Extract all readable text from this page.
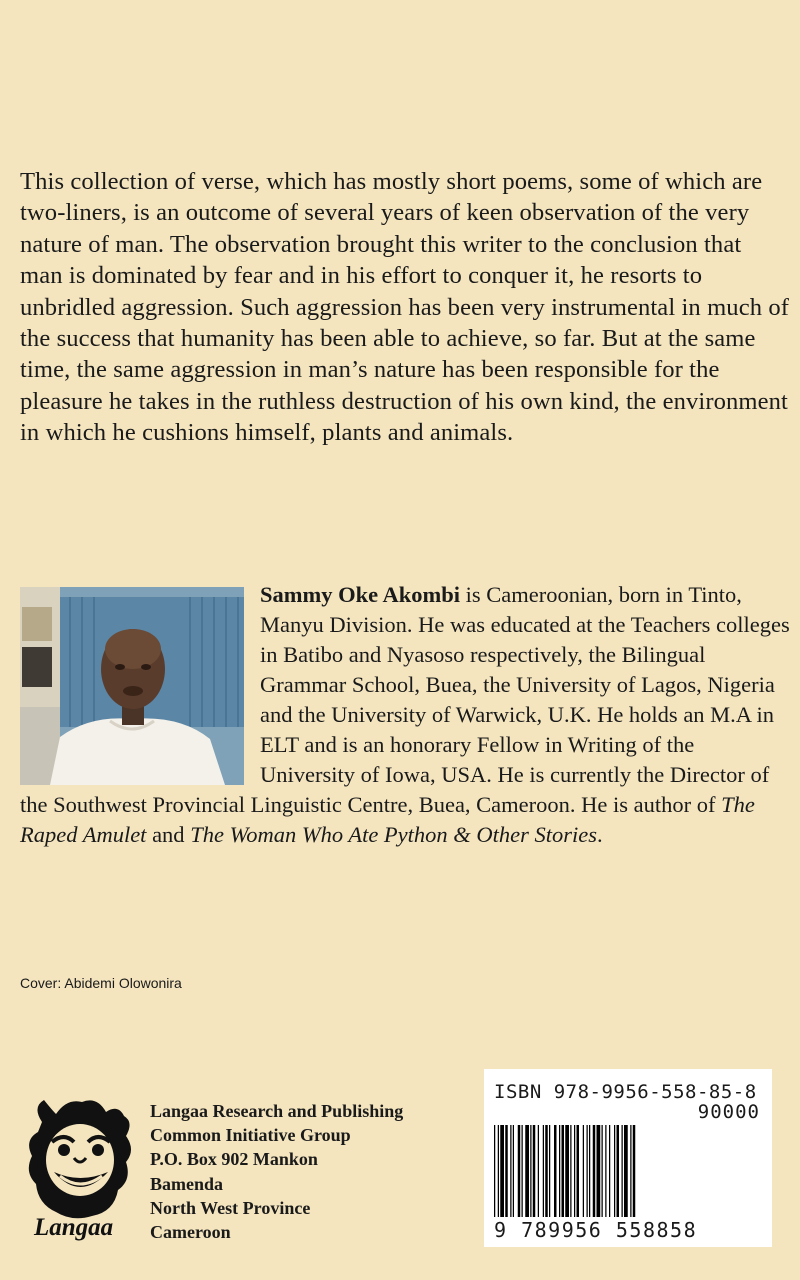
This collection of verse, which has mostly short poems, some of which are two-liners, is an outcome of several years of keen observation of the very nature of man. The observation brought this writer to the conclusion that man is dominated by fear and in his effort to conquer it, he resorts to unbridled aggression. Such aggression has been very instrumental in much of the success that humanity has been able to achieve, so far. But at the same time, the same aggression in man’s nature has been responsible for the pleasure he takes in the ruthless destruction of his own kind, the environment in which he cushions himself, plants and animals.

Sammy Oke Akombi is Cameroonian, born in Tinto, Manyu Division. He was educated at the Teachers colleges in Batibo and Nyasoso respectively, the Bilingual Grammar School, Buea, the University of Lagos, Nigeria and the University of Warwick, U.K. He holds an M.A in ELT and is an honorary Fellow in Writing of the University of Iowa, USA. He is currently the Director of the Southwest Provincial Linguistic Centre, Buea, Cameroon. He is author of The Raped Amulet and The Woman Who Ate Python & Other Stories.

Cover: Abidemi Olowonira
Langaa
Langaa Research and Publishing
Common Initiative Group
P.O. Box 902 Mankon
Bamenda
North West Province
Cameroon
ISBN 978-9956-558-85-8
90000
9 789956 558858
